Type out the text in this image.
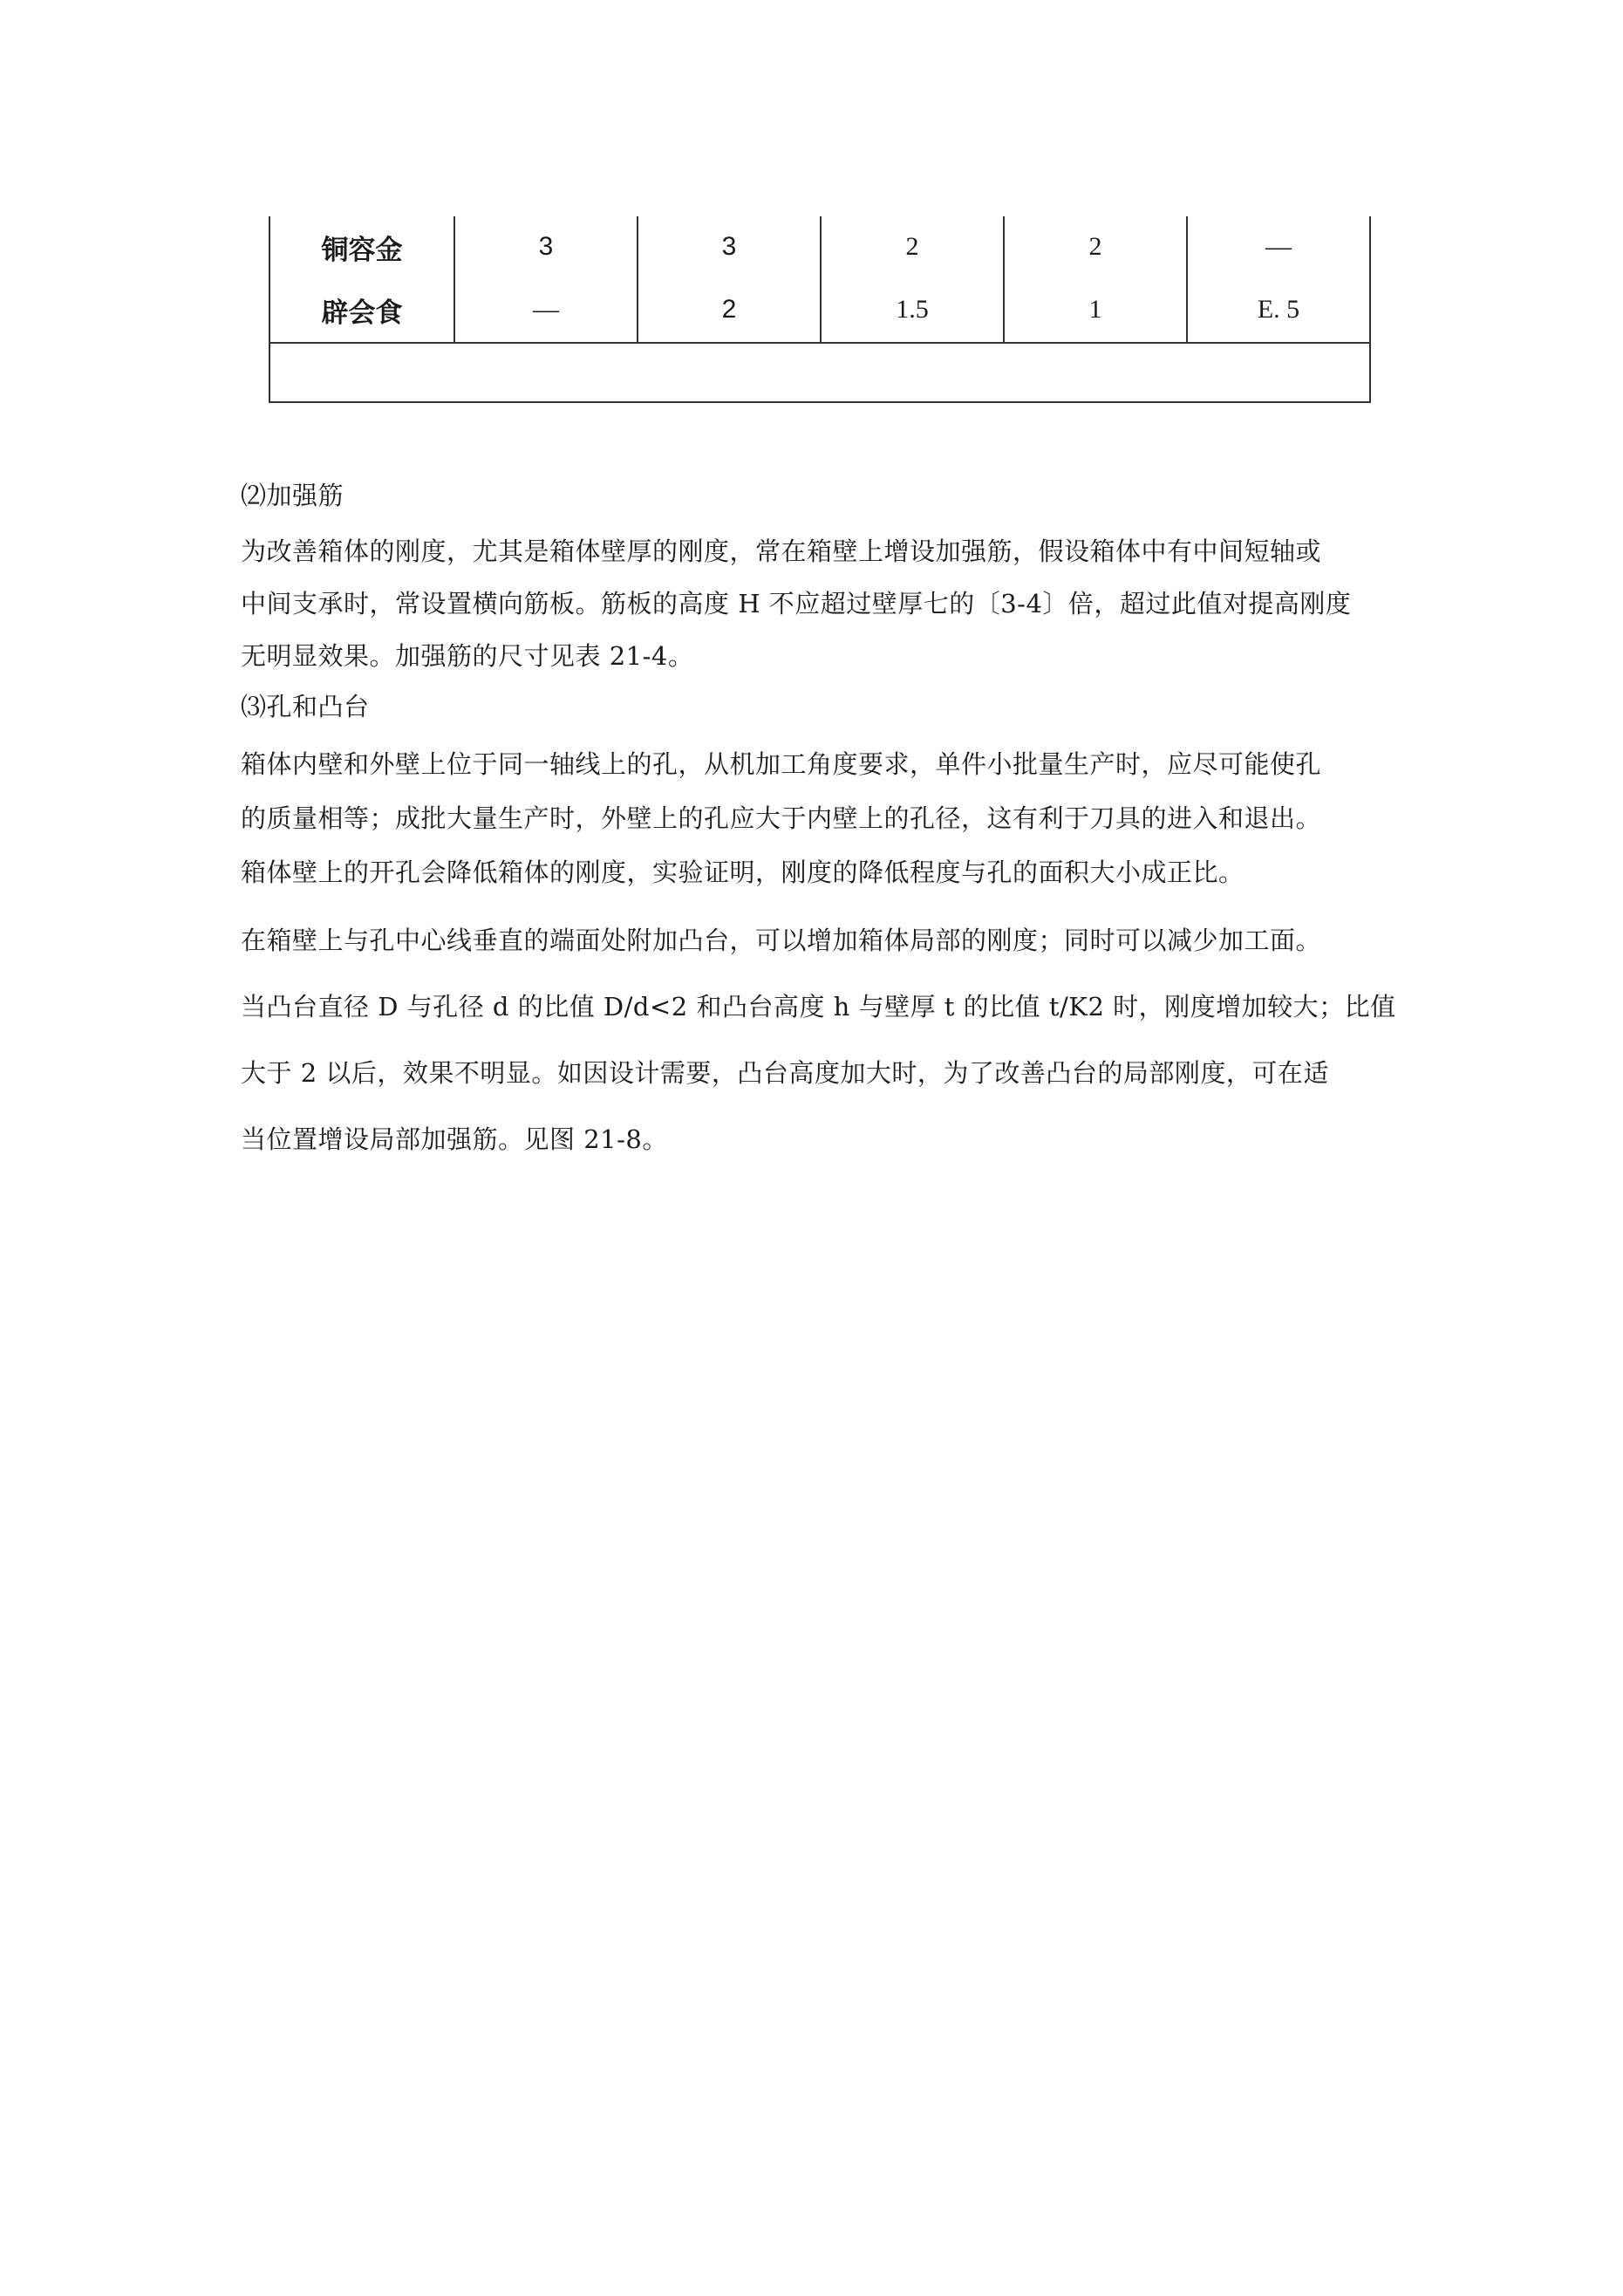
铜容金	3	3	2	2	—
辟会食	—	2	1.5	1	E. 5

⑵加强筋
为改善箱体的刚度，尤其是箱体壁厚的刚度，常在箱壁上增设加强筋，假设箱体中有中间短轴或
中间支承时，常设置横向筋板。筋板的高度 H 不应超过壁厚七的〔3-4〕倍，超过此值对提高刚度
无明显效果。加强筋的尺寸见表 21-4。
⑶孔和凸台
箱体内壁和外壁上位于同一轴线上的孔，从机加工角度要求，单件小批量生产时，应尽可能使孔
的质量相等；成批大量生产时，外壁上的孔应大于内壁上的孔径，这有利于刀具的进入和退出。
箱体壁上的开孔会降低箱体的刚度，实验证明，刚度的降低程度与孔的面积大小成正比。
在箱壁上与孔中心线垂直的端面处附加凸台，可以增加箱体局部的刚度；同时可以减少加工面。
当凸台直径 D 与孔径 d 的比值 D/d<2 和凸台高度 h 与壁厚 t 的比值 t/K2 时，刚度增加较大；比值
大于 2 以后，效果不明显。如因设计需要，凸台高度加大时，为了改善凸台的局部刚度，可在适
当位置增设局部加强筋。见图 21-8。
